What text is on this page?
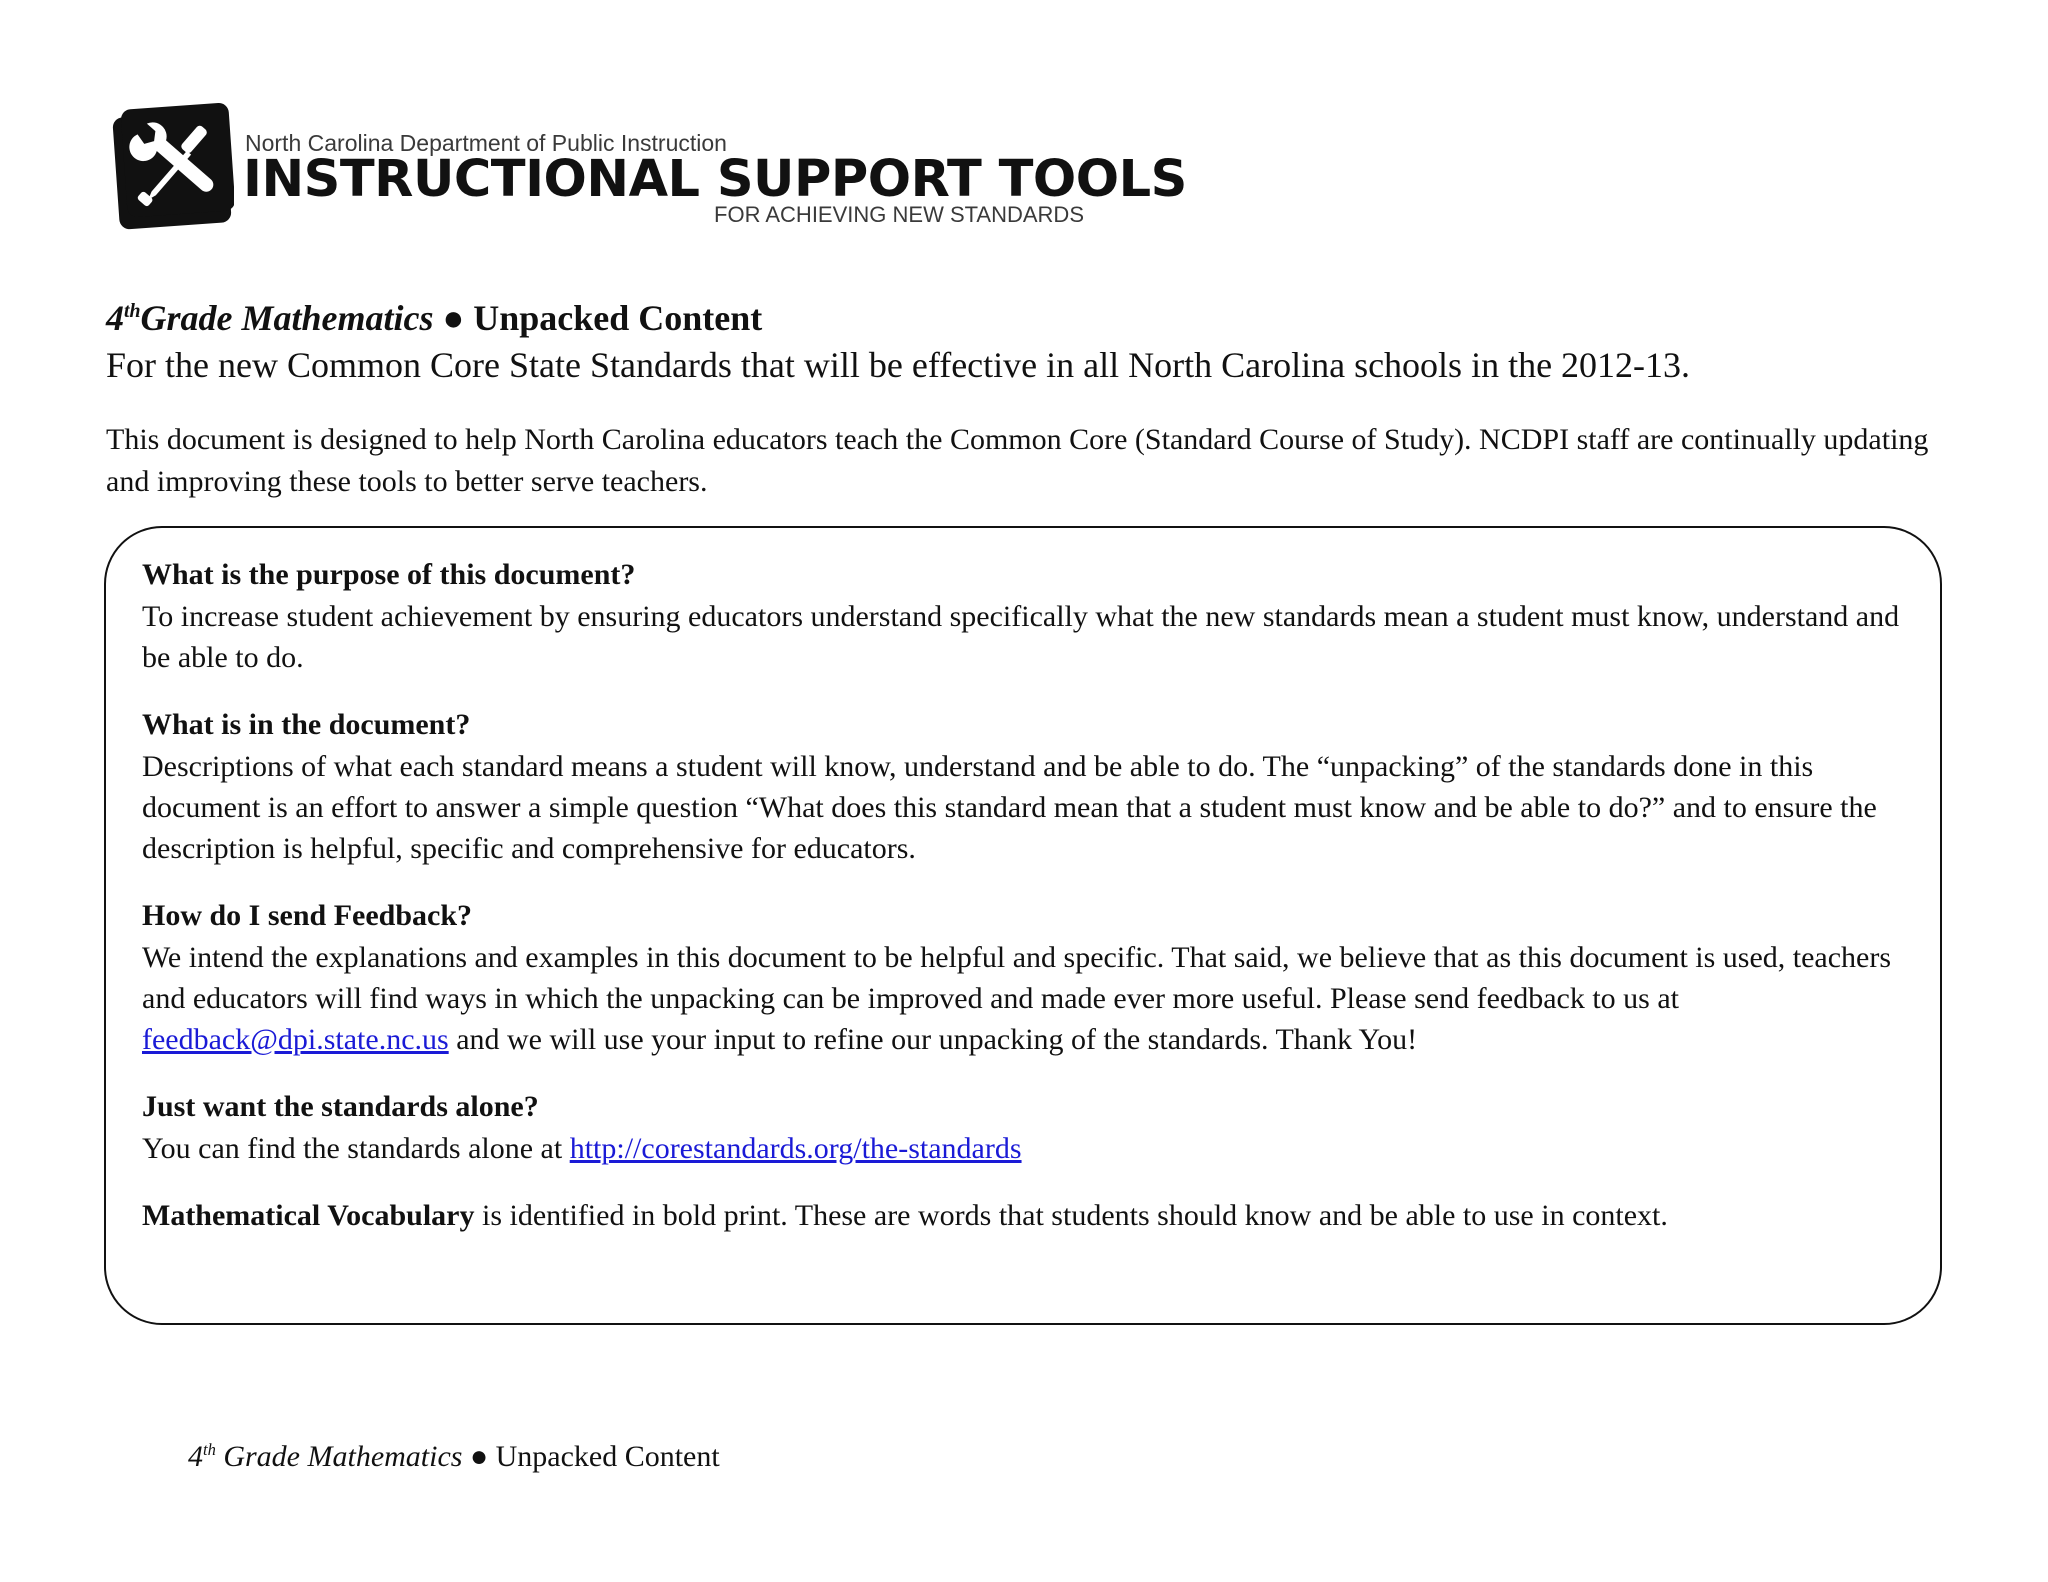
North Carolina Department of Public Instruction
INSTRUCTIONAL SUPPORT TOOLS
FOR ACHIEVING NEW STANDARDS
4thGrade Mathematics ● Unpacked Content
For the new Common Core State Standards that will be effective in all North Carolina schools in the 2012-13.
This document is designed to help North Carolina educators teach the Common Core (Standard Course of Study). NCDPI staff are continually updating and improving these tools to better serve teachers.
What is the purpose of this document?
To increase student achievement by ensuring educators understand specifically what the new standards mean a student must know, understand and be able to do.
What is in the document?
Descriptions of what each standard means a student will know, understand and be able to do. The “unpacking” of the standards done in this document is an effort to answer a simple question “What does this standard mean that a student must know and be able to do?” and to ensure the description is helpful, specific and comprehensive for educators.
How do I send Feedback?
We intend the explanations and examples in this document to be helpful and specific. That said, we believe that as this document is used, teachers and educators will find ways in which the unpacking can be improved and made ever more useful. Please send feedback to us at feedback@dpi.state.nc.us and we will use your input to refine our unpacking of the standards. Thank You!
Just want the standards alone?
You can find the standards alone at http://corestandards.org/the-standards
Mathematical Vocabulary is identified in bold print. These are words that students should know and be able to use in context.
4th Grade Mathematics ● Unpacked Content
